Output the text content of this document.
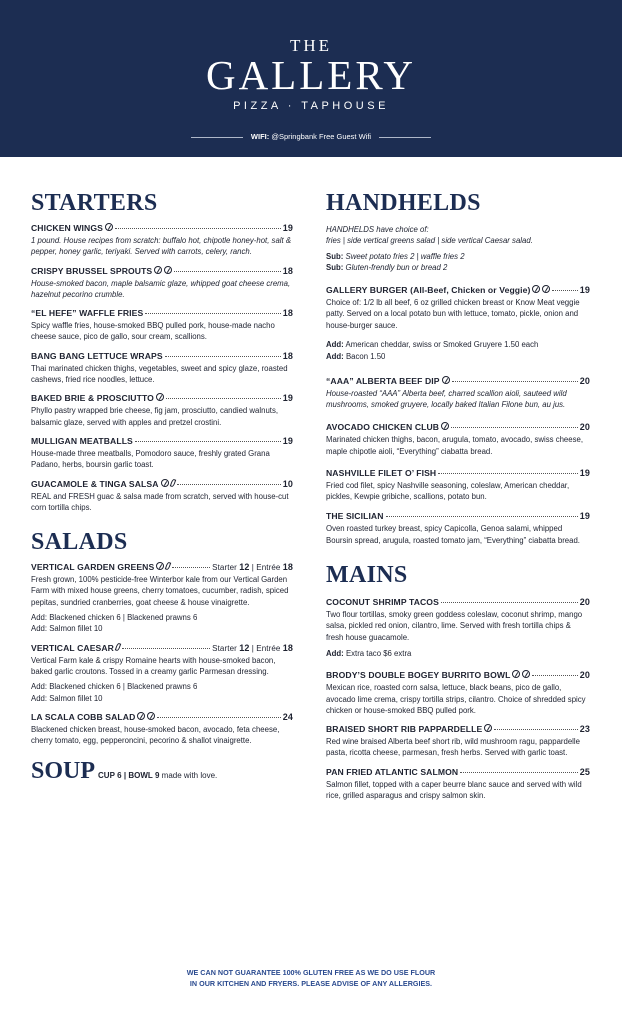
THE
GALLERY
PIZZA · TAPHOUSE
WIFI: @Springbank Free Guest Wifi
STARTERS
CHICKEN WINGS	19
1 pound. House recipes from scratch: buffalo hot, chipotle honey-hot, salt & pepper, honey garlic, teriyaki. Served with carrots, celery, ranch.
CRISPY BRUSSEL SPROUTS	18
House-smoked bacon, maple balsamic glaze, whipped goat cheese crema, hazelnut pecorino crumble.
“EL HEFE” WAFFLE FRIES	18
Spicy waffle fries, house-smoked BBQ pulled pork, house-made nacho cheese sauce, pico de gallo, sour cream, scallions.
BANG BANG LETTUCE WRAPS	18
Thai marinated chicken thighs, vegetables, sweet and spicy glaze, roasted cashews, fried rice noodles, lettuce.
BAKED BRIE & PROSCIUTTO	19
Phyllo pastry wrapped brie cheese, fig jam, prosciutto, candied walnuts, balsamic glaze, served with apples and pretzel crostini.
MULLIGAN MEATBALLS	19
House-made three meatballs, Pomodoro sauce, freshly grated Grana Padano, herbs, boursin garlic toast.
GUACAMOLE & TINGA SALSA	10
REAL and FRESH guac & salsa made from scratch, served with house-cut corn tortilla chips.
SALADS
VERTICAL GARDEN GREENS	Starter 12 | Entrée 18
Fresh grown, 100% pesticide-free Winterbor kale from our Vertical Garden Farm with mixed house greens, cherry tomatoes, cucumber, radish, spiced pepitas, sundried cranberries, goat cheese & house vinaigrette.
Add: Blackened chicken 6 | Blackened prawns 6
Add: Salmon fillet 10
VERTICAL CAESAR	Starter 12 | Entrée 18
Vertical Farm kale & crispy Romaine hearts with house-smoked bacon, baked garlic croutons. Tossed in a creamy garlic Parmesan dressing.
Add: Blackened chicken 6 | Blackened prawns 6
Add: Salmon fillet 10
LA SCALA COBB SALAD	24
Blackened chicken breast, house-smoked bacon, avocado, feta cheese, cherry tomato, egg, pepperoncini, pecorino & shallot vinaigrette.
SOUP CUP 6 | BOWL 9 made with love.
HANDHELDS
HANDHELDS have choice of:
fries | side vertical greens salad | side vertical Caesar salad.
Sub: Sweet potato fries 2 | waffle fries 2
Sub: Gluten-frendly bun or bread 2
GALLERY BURGER (All-Beef, Chicken or Veggie)	19
Choice of: 1/2 lb all beef, 6 oz grilled chicken breast or Know Meat veggie patty. Served on a local potato bun with lettuce, tomato, pickle, onion and house-burger sauce.
Add: American cheddar, swiss or Smoked Gruyere 1.50 each
Add: Bacon 1.50
“AAA” ALBERTA BEEF DIP	20
House-roasted “AAA” Alberta beef, charred scallion aioli, sauteed wild mushrooms, smoked gruyere, locally baked Italian Filone bun, au jus.
AVOCADO CHICKEN CLUB	20
Marinated chicken thighs, bacon, arugula, tomato, avocado, swiss cheese, maple chipotle aioli, “Everything” ciabatta bread.
NASHVILLE FILET O’ FISH	19
Fried cod filet, spicy Nashville seasoning, coleslaw, American cheddar, pickles, Kewpie gribiche, scallions, potato bun.
THE SICILIAN	19
Oven roasted turkey breast, spicy Capicolla, Genoa salami, whipped Boursin spread, arugula, roasted tomato jam, “Everything” ciabatta bread.
MAINS
COCONUT SHRIMP TACOS	20
Two flour tortillas, smoky green goddess coleslaw, coconut shrimp, mango salsa, pickled red onion, cilantro, lime. Served with fresh tortilla chips & fresh house guacamole.
Add: Extra taco $6 extra
BRODY’S DOUBLE BOGEY BURRITO BOWL	20
Mexican rice, roasted corn salsa, lettuce, black beans, pico de gallo, avocado lime crema, crispy tortilla strips, cilantro. Choice of shredded spicy chicken or house-smoked BBQ pulled pork.
BRAISED SHORT RIB PAPPARDELLE	23
Red wine braised Alberta beef short rib, wild mushroom ragu, pappardelle pasta, ricotta cheese, parmesan, fresh herbs. Served with garlic toast.
PAN FRIED ATLANTIC SALMON	25
Salmon fillet, topped with a caper beurre blanc sauce and served with wild rice, grilled asparagus and crispy salmon skin.
WE CAN NOT GUARANTEE 100% GLUTEN FREE AS WE DO USE FLOUR
IN OUR KITCHEN AND FRYERS. PLEASE ADVISE OF ANY ALLERGIES.
